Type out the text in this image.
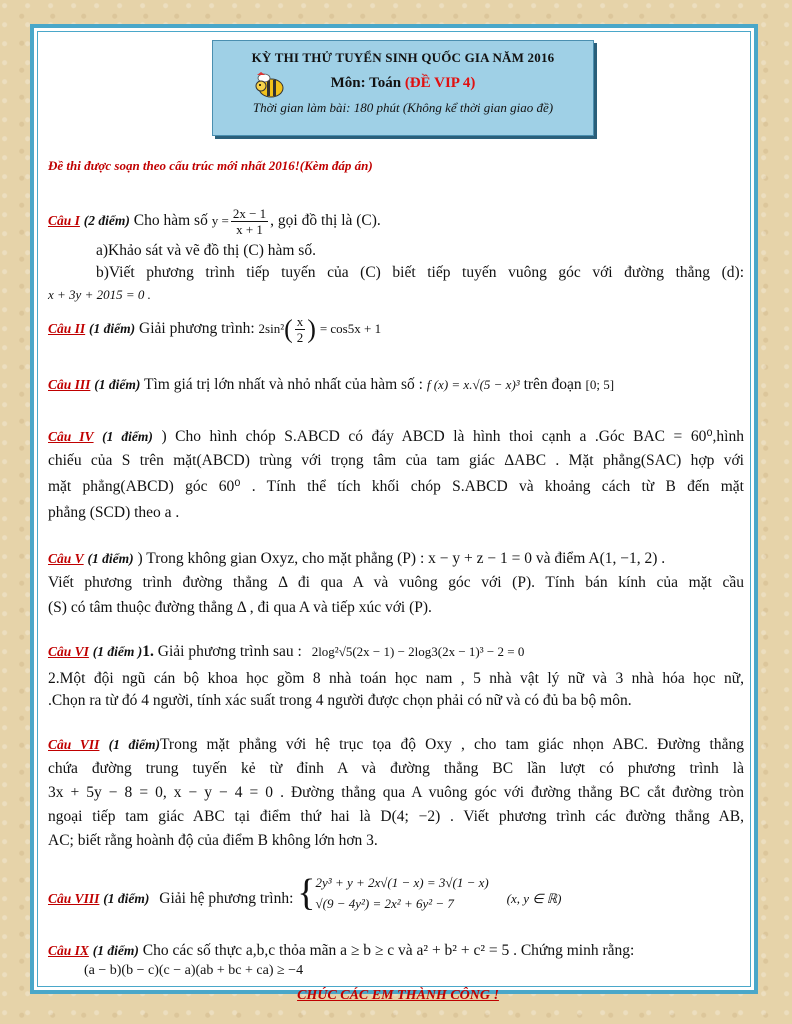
KỲ THI THỬ TUYỂN SINH QUỐC GIA NĂM 2016
Môn: Toán (ĐỀ VIP 4)
Thời gian làm bài: 180 phút (Không kể thời gian giao đề)
Đề thi được soạn theo cấu trúc mới nhất 2016!(Kèm đáp án)
Câu I (2 điểm) Cho hàm số $y = \frac{2x - 1}{x + 1}$ , gọi đồ thị là (C).
a)Khảo sát và vẽ đồ thị (C) hàm số.
b)Viết phương trình tiếp tuyến của (C) biết tiếp tuyến vuông góc với đường thẳng (d):
x + 3y + 2015 = 0 .
Câu II (1 điểm) Giải phương trình: $2\sin^2( \frac{x}{2}$ ) = cos5x + 1
Câu III (1 điểm) Tìm giá trị lớn nhất và nhỏ nhất của hàm số : f (x) = x.√(5 − x)³ trên đoạn [0; 5]
Câu IV (1 điểm) ) Cho hình chóp S.ABCD có đáy ABCD là hình thoi cạnh a .Góc BAC = 60⁰,hình
chiếu của S trên mặt(ABCD) trùng với trọng tâm của tam giác ΔABC . Mặt phẳng(SAC) hợp với
mặt phẳng(ABCD) góc 60⁰ . Tính thể tích khối chóp S.ABCD và khoảng cách từ B đến mặt
phẳng (SCD) theo a .
Câu V (1 điểm) ) Trong không gian Oxyz, cho mặt phẳng (P) : x − y + z − 1 = 0 và điểm A(1, −1, 2) .
Viết phương trình đường thẳng Δ đi qua A và vuông góc với (P). Tính bán kính của mặt cầu
(S) có tâm thuộc đường thẳng Δ , đi qua A và tiếp xúc với (P).
Câu VI (1 điểm )1. Giải phương trình sau : 2log²√5(2x − 1) − 2log3(2x − 1)³ − 2 = 0
2.Một đội ngũ cán bộ khoa học gồm 8 nhà toán học nam , 5 nhà vật lý nữ và 3 nhà hóa học nữ,
.Chọn ra từ đó 4 người, tính xác suất trong 4 người được chọn phải có nữ và có đủ ba bộ môn.
Câu VII (1 điểm)Trong mặt phẳng với hệ trục tọa độ Oxy , cho tam giác nhọn ABC. Đường thẳng
chứa đường trung tuyến kẻ từ đỉnh A và đường thẳng BC lần lượt có phương trình là
3x + 5y − 8 = 0, x − y − 4 = 0 . Đường thẳng qua A vuông góc với đường thẳng BC cắt đường tròn
ngoại tiếp tam giác ABC tại điểm thứ hai là D(4; −2) . Viết phương trình các đường thẳng AB,
AC; biết rằng hoành độ của điểm B không lớn hơn 3.
Câu VIII (1 điểm) Giải hệ phương trình: { 2y³ + y + 2x√(1 − x) = 3√(1 − x)
√(9 − 4y²) = 2x² + 6y² − 7	$_{(x, y \in ℝ)}$
Câu IX (1 điểm) Cho các số thực a,b,c thỏa mãn a ≥ b ≥ c và a² + b² + c² = 5 . Chứng minh rằng:
(a − b)(b − c)(c − a)(ab + bc + ca) ≥ −4
CHÚC CÁC EM THÀNH CÔNG !
